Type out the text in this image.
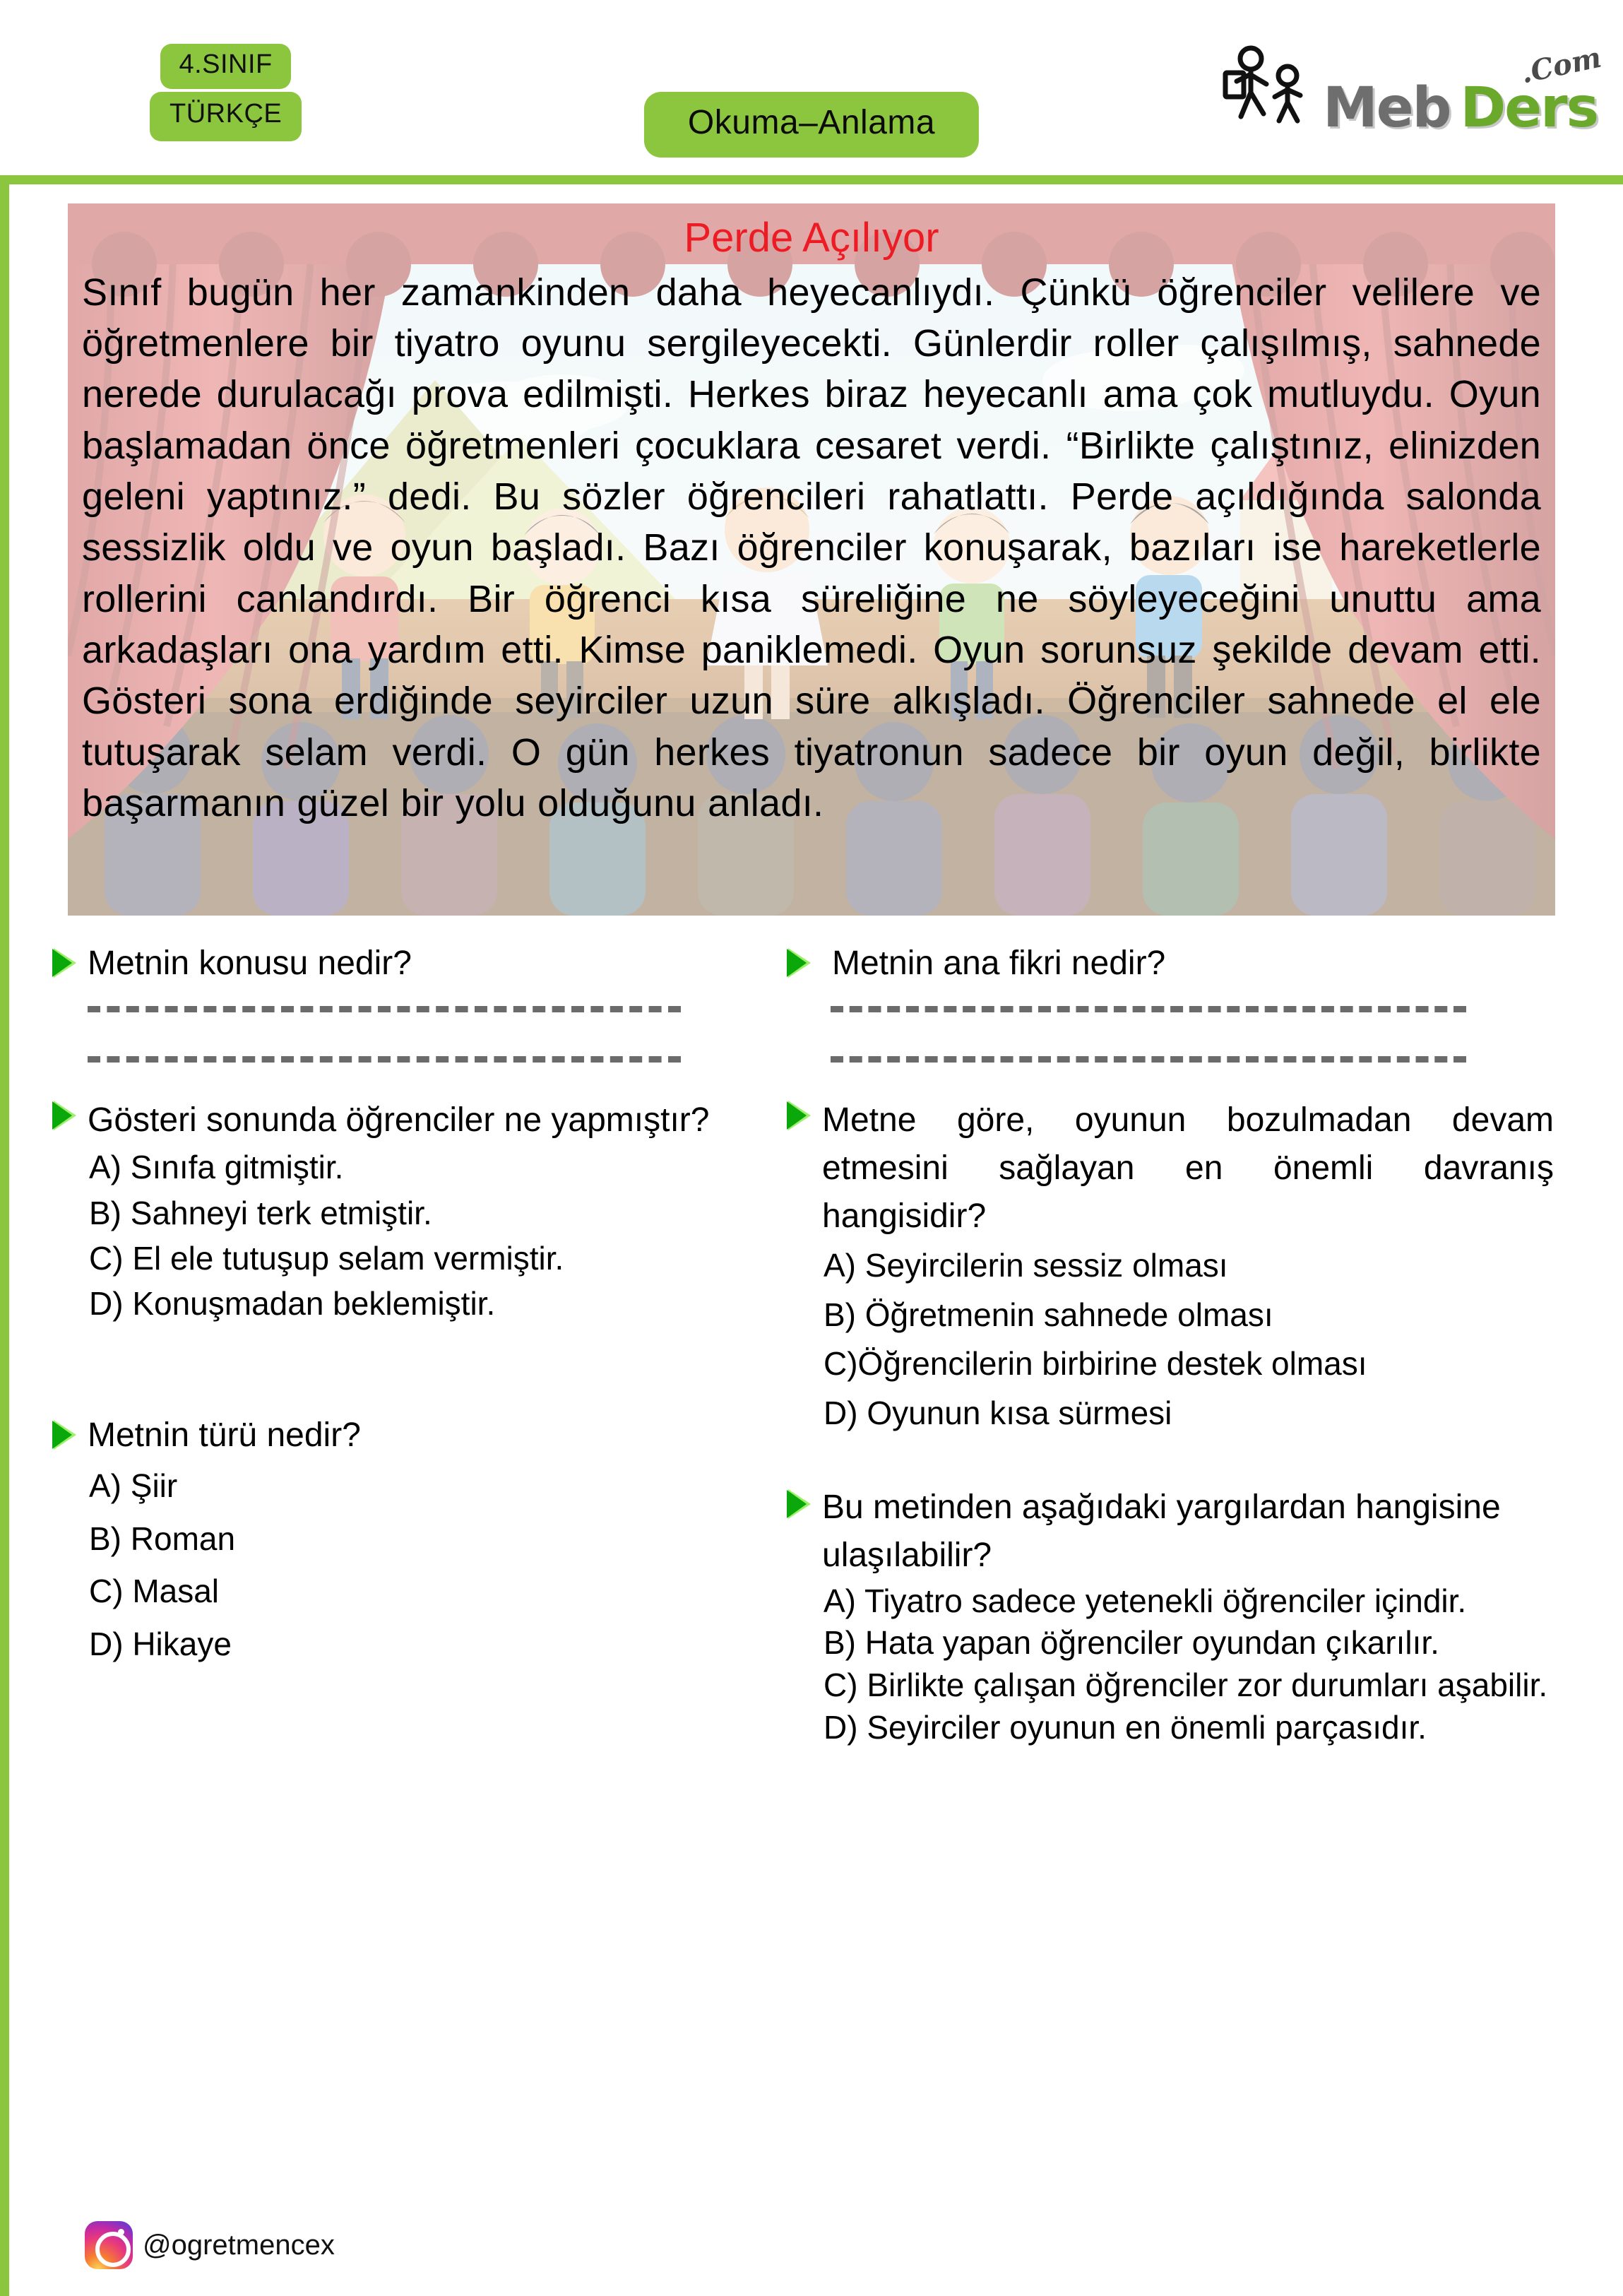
4.SINIF
TÜRKÇE	Okuma–Anlama	Meb Ders
.Com
Perde Açılıyor
Sınıf bugün her zamankinden daha heyecanlıydı. Çünkü öğrenciler velilere ve öğretmenlere bir tiyatro oyunu sergileyecekti. Günlerdir roller çalışılmış, sahnede nerede durulacağı prova edilmişti. Herkes biraz heyecanlı ama çok mutluydu. Oyun başlamadan önce öğretmenleri çocuklara cesaret verdi. “Birlikte çalıştınız, elinizden geleni yaptınız.” dedi. Bu sözler öğrencileri rahatlattı. Perde açıldığında salonda sessizlik oldu ve oyun başladı. Bazı öğrenciler konuşarak, bazıları ise hareketlerle rollerini canlandırdı. Bir öğrenci kısa süreliğine ne söyleyeceğini unuttu ama arkadaşları ona yardım etti. Kimse paniklemedi. Oyun sorunsuz şekilde devam etti. Gösteri sona erdiğinde seyirciler uzun süre alkışladı. Öğrenciler sahnede el ele tutuşarak selam verdi. O gün herkes tiyatronun sadece bir oyun değil, birlikte başarmanın güzel bir yolu olduğunu anladı.
Metnin konusu nedir?
Gösteri sonunda öğrenciler ne yapmıştır?
A) Sınıfa gitmiştir.
B) Sahneyi terk etmiştir.
C) El ele tutuşup selam vermiştir.
D) Konuşmadan beklemiştir.
Metnin türü nedir?
A) Şiir
B) Roman
C) Masal
D) Hikaye
Metnin ana fikri nedir?
Metne göre, oyunun bozulmadan devam etmesini sağlayan en önemli davranış hangisidir?
A) Seyircilerin sessiz olması
B) Öğretmenin sahnede olması
C)Öğrencilerin birbirine destek olması
D) Oyunun kısa sürmesi
Bu metinden aşağıdaki yargılardan hangisine ulaşılabilir?
A) Tiyatro sadece yetenekli öğrenciler içindir.
B) Hata yapan öğrenciler oyundan çıkarılır.
C) Birlikte çalışan öğrenciler zor durumları aşabilir.
D) Seyirciler oyunun en önemli parçasıdır.
@ogretmencex
